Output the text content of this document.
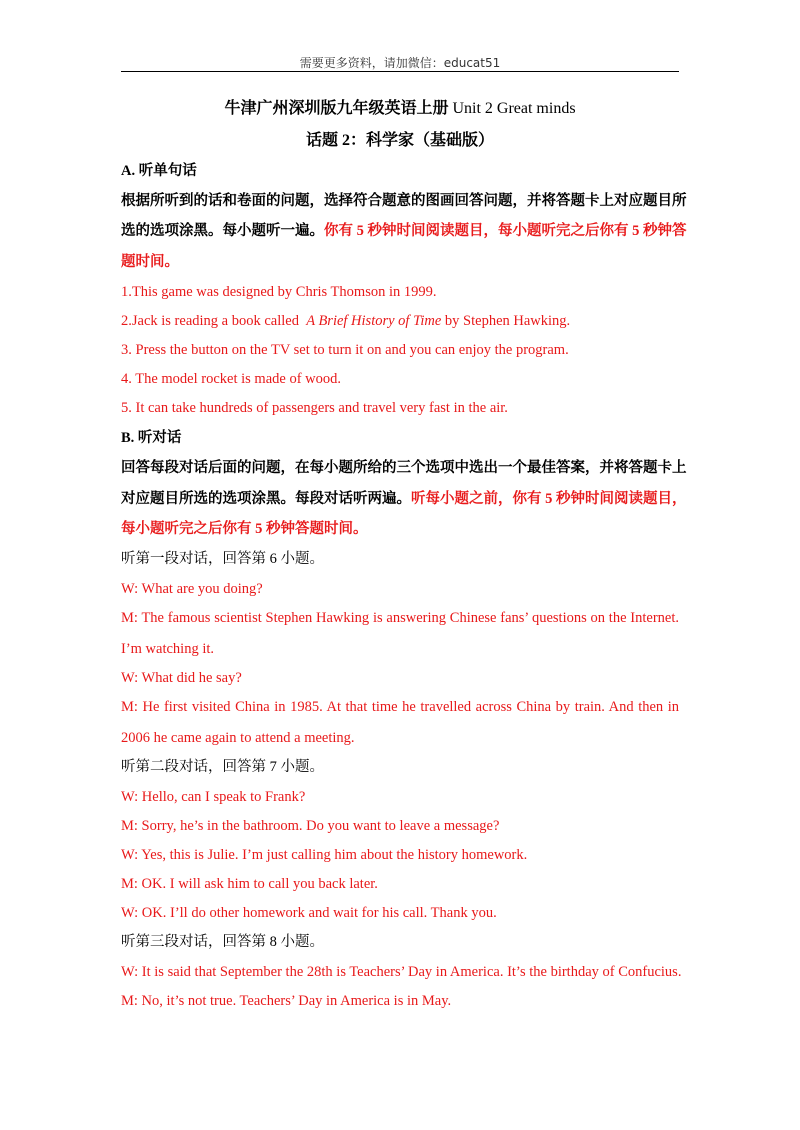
需要更多资料，请加微信：educat51
牛津广州深圳版九年级英语上册 Unit 2 Great minds
话题 2：科学家（基础版）
A. 听单句话
根据所听到的话和卷面的问题，选择符合题意的图画回答问题，并将答题卡上对应题目所
选的选项涂黑。每小题听一遍。你有 5 秒钟时间阅读题目，每小题听完之后你有 5 秒钟答
题时间。
1.This game was designed by Chris Thomson in 1999.
2.Jack is reading a book called A Brief History of Time by Stephen Hawking.
3. Press the button on the TV set to turn it on and you can enjoy the program.
4. The model rocket is made of wood.
5. It can take hundreds of passengers and travel very fast in the air.
B. 听对话
回答每段对话后面的问题，在每小题所给的三个选项中选出一个最佳答案，并将答题卡上
对应题目所选的选项涂黑。每段对话听两遍。听每小题之前，你有 5 秒钟时间阅读题目，
每小题听完之后你有 5 秒钟答题时间。
听第一段对话，回答第 6 小题。
W: What are you doing?
M: The famous scientist Stephen Hawking is answering Chinese fans’ questions on the Internet.
I’m watching it.
W: What did he say?
M: He first visited China in 1985. At that time he travelled across China by train. And then in
2006 he came again to attend a meeting.
听第二段对话，回答第 7 小题。
W: Hello, can I speak to Frank?
M: Sorry, he’s in the bathroom. Do you want to leave a message?
W: Yes, this is Julie. I’m just calling him about the history homework.
M: OK. I will ask him to call you back later.
W: OK. I’ll do other homework and wait for his call. Thank you.
听第三段对话，回答第 8 小题。
W: It is said that September the 28th is Teachers’ Day in America. It’s the birthday of Confucius.
M: No, it’s not true. Teachers’ Day in America is in May.
